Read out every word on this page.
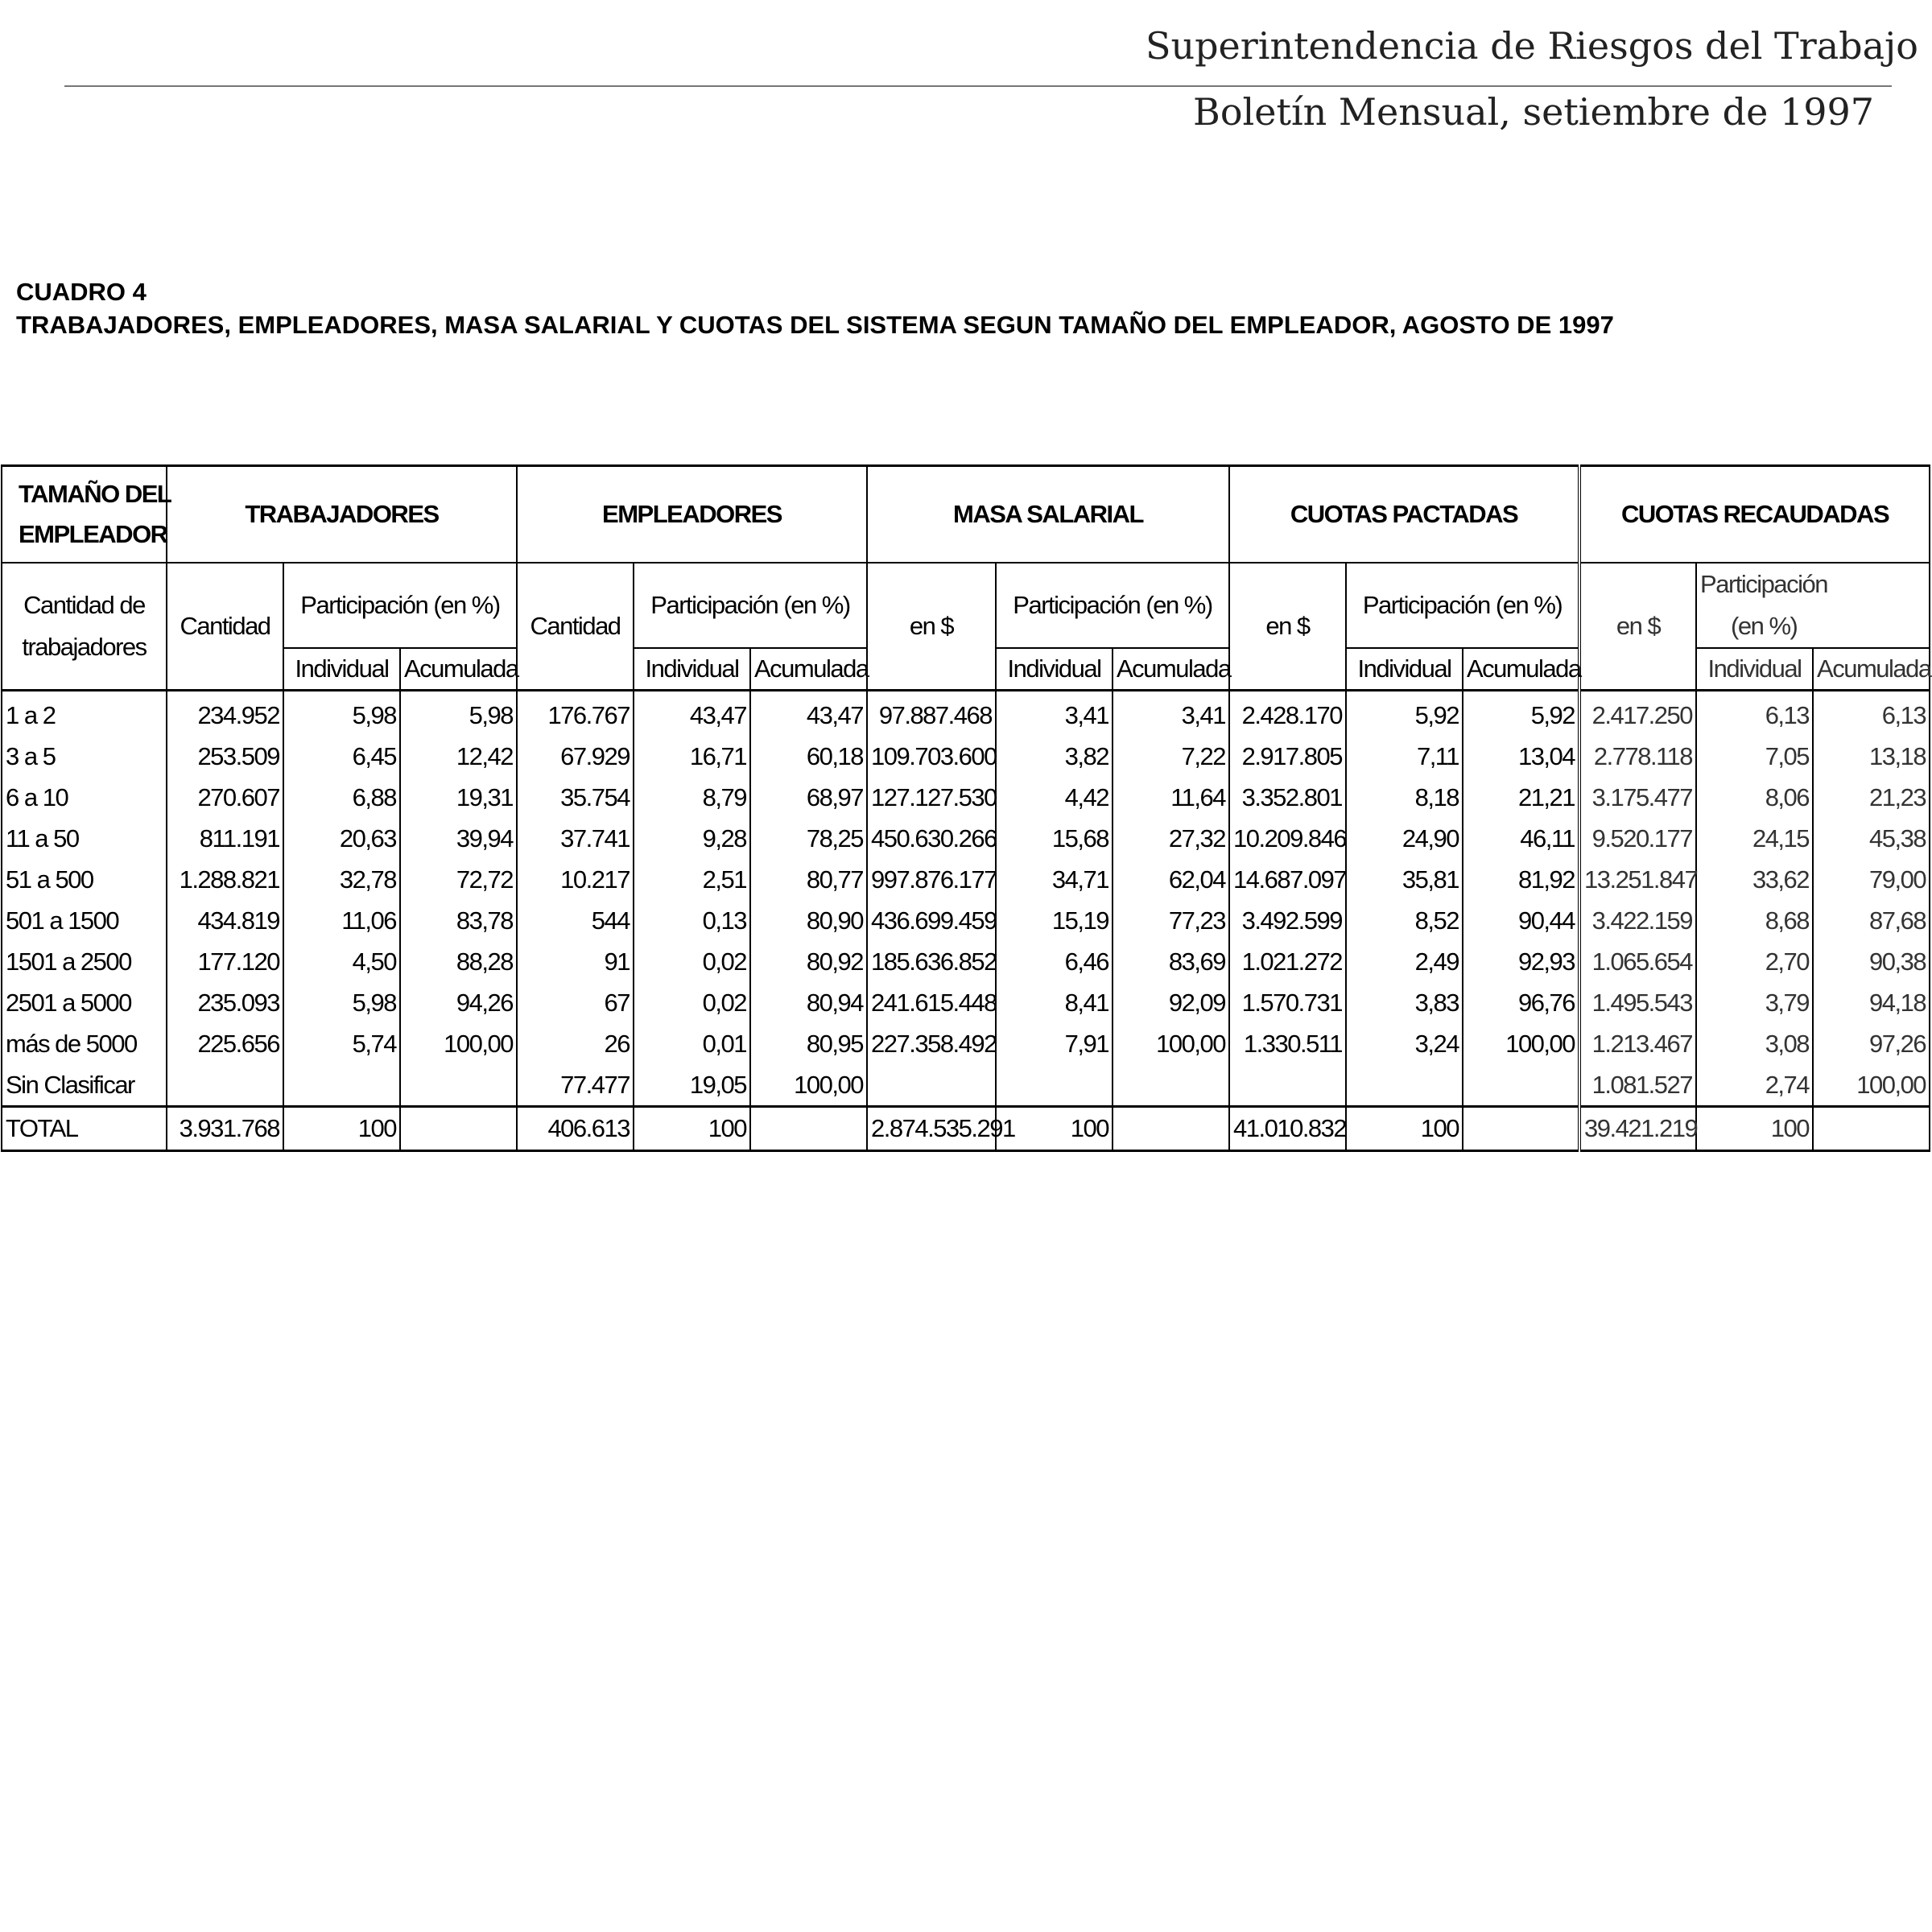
Superintendencia de Riesgos del Trabajo
Boletín Mensual, setiembre de 1997
CUADRO 4
TRABAJADORES, EMPLEADORES, MASA SALARIAL Y CUOTAS DEL SISTEMA SEGUN TAMAÑO DEL EMPLEADOR, AGOSTO DE 1997
TAMAÑO DEL
EMPLEADOR	TRABAJADORES			EMPLEADORES			MASA SALARIAL			CUOTAS PACTADAS			CUOTAS RECAUDADAS		
Cantidad de
trabajadores	Cantidad	Participación (en %)		Cantidad	Participación (en %)		en $	Participación (en %)		en $	Participación (en %)		en $	Participación
(en %)	
		Individual	Acumulada		Individual	Acumulada		Individual	Acumulada		Individual	Acumulada		Individual	Acumulada
1 a 2	234.952	5,98	5,98	176.767	43,47	43,47	97.887.468	3,41	3,41	2.428.170	5,92	5,92	2.417.250	6,13	6,13
3 a 5	253.509	6,45	12,42	67.929	16,71	60,18	109.703.600	3,82	7,22	2.917.805	7,11	13,04	2.778.118	7,05	13,18
6 a 10	270.607	6,88	19,31	35.754	8,79	68,97	127.127.530	4,42	11,64	3.352.801	8,18	21,21	3.175.477	8,06	21,23
11 a 50	811.191	20,63	39,94	37.741	9,28	78,25	450.630.266	15,68	27,32	10.209.846	24,90	46,11	9.520.177	24,15	45,38
51 a 500	1.288.821	32,78	72,72	10.217	2,51	80,77	997.876.177	34,71	62,04	14.687.097	35,81	81,92	13.251.847	33,62	79,00
501 a 1500	434.819	11,06	83,78	544	0,13	80,90	436.699.459	15,19	77,23	3.492.599	8,52	90,44	3.422.159	8,68	87,68
1501 a 2500	177.120	4,50	88,28	91	0,02	80,92	185.636.852	6,46	83,69	1.021.272	2,49	92,93	1.065.654	2,70	90,38
2501 a 5000	235.093	5,98	94,26	67	0,02	80,94	241.615.448	8,41	92,09	1.570.731	3,83	96,76	1.495.543	3,79	94,18
más de 5000	225.656	5,74	100,00	26	0,01	80,95	227.358.492	7,91	100,00	1.330.511	3,24	100,00	1.213.467	3,08	97,26
Sin Clasificar				77.477	19,05	100,00							1.081.527	2,74	100,00
TOTAL	3.931.768	100		406.613	100		2.874.535.291	100		41.010.832	100		39.421.219	100	
